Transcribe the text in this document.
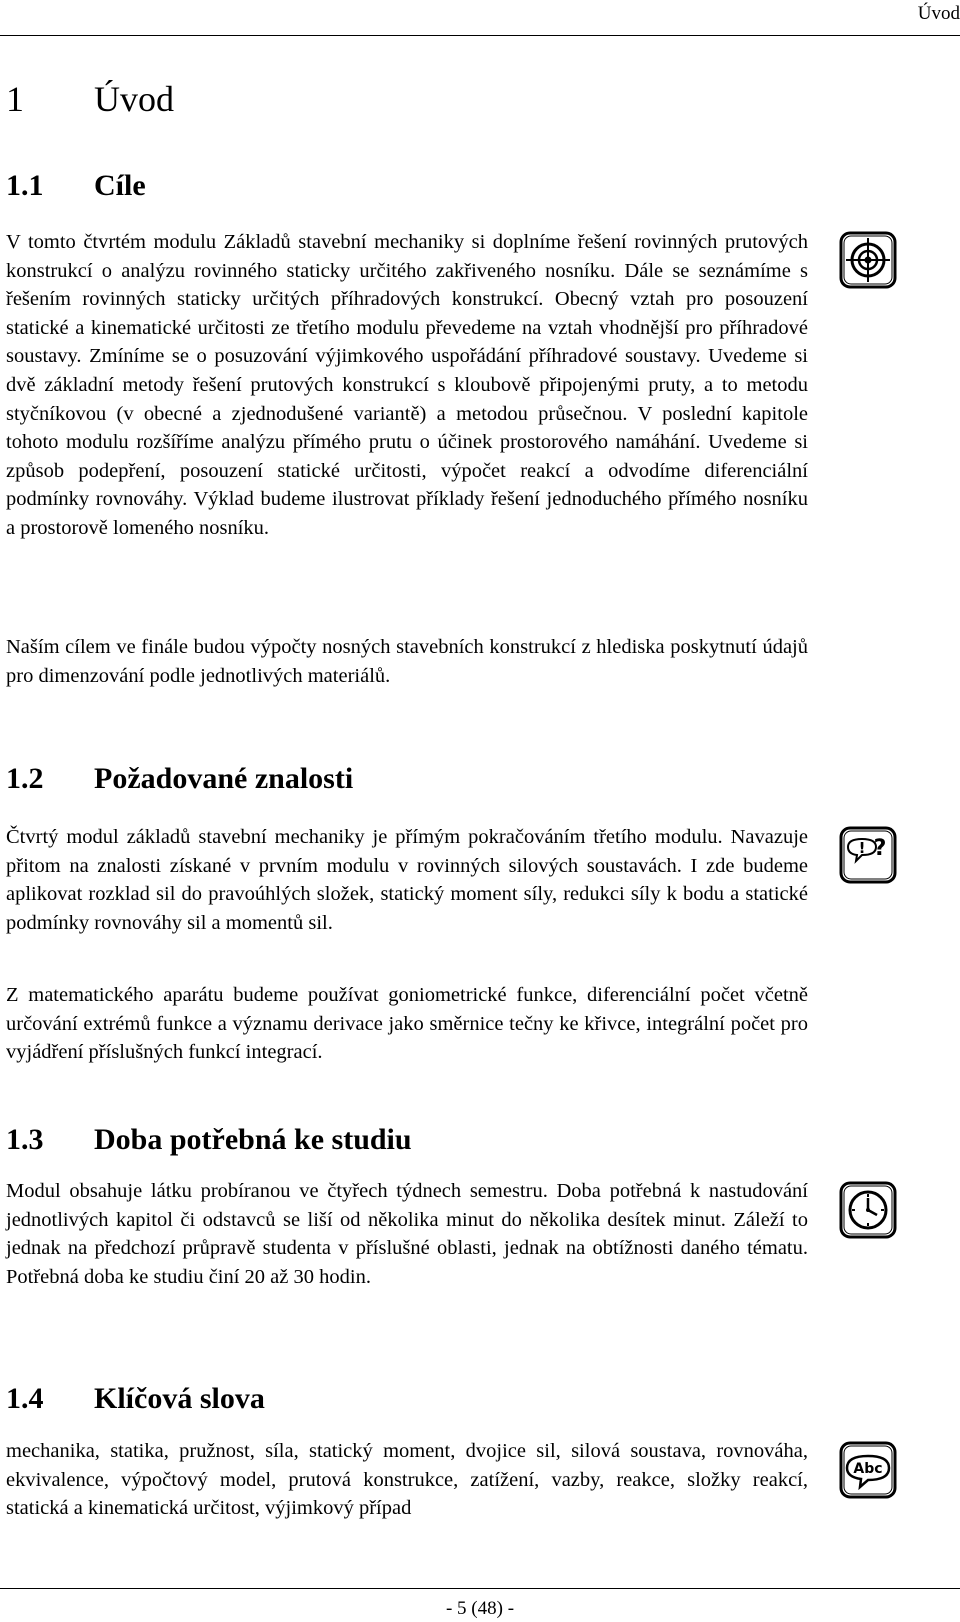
Úvod
1 Úvod
1.1 Cíle

V tomto čtvrtém modulu Základů stavební mechaniky si doplníme řešení rovinných prutových konstrukcí o analýzu rovinného staticky určitého zakřiveného nosníku. Dále se seznámíme s řešením rovinných staticky určitých příhradových konstrukcí. Obecný vztah pro posouzení statické a kinematické určitosti ze třetího modulu převedeme na vztah vhodnější pro příhradové soustavy. Zmíníme se o posuzování výjimkového uspořádání příhradové soustavy. Uvedeme si dvě základní metody řešení prutových konstrukcí s kloubově připojenými pruty, a to metodu styčníkovou (v obecné a zjednodušené variantě) a metodou průsečnou. V poslední kapitole tohoto modulu rozšíříme analýzu přímého prutu o účinek prostorového namáhání. Uvedeme si způsob podepření, posouzení statické určitosti, výpočet reakcí a odvodíme diferenciální podmínky rovnováhy. Výklad budeme ilustrovat příklady řešení jednoduchého přímého nosníku a prostorově lomeného nosníku.

Naším cílem ve finále budou výpočty nosných stavebních konstrukcí z hlediska poskytnutí údajů pro dimenzování podle jednotlivých materiálů.

1.2 Požadované znalosti
! ?

Čtvrtý modul základů stavební mechaniky je přímým pokračováním třetího modulu. Navazuje přitom na znalosti získané v prvním modulu v rovinných silových soustavách. I zde budeme aplikovat rozklad sil do pravoúhlých složek, statický moment síly, redukci síly k bodu a statické podmínky rovnováhy sil a momentů sil.

Z matematického aparátu budeme používat goniometrické funkce, diferenciální počet včetně určování extrémů funkce a významu derivace jako směrnice tečny ke křivce, integrální počet pro vyjádření příslušných funkcí integrací.

1.3 Doba potřebná ke studiu

Modul obsahuje látku probíranou ve čtyřech týdnech semestru. Doba potřebná k nastudování jednotlivých kapitol či odstavců se liší od několika minut do několika desítek minut. Záleží to jednak na předchozí průpravě studenta v příslušné oblasti, jednak na obtížnosti daného tématu. Potřebná doba ke studiu činí 20 až 30 hodin.

1.4 Klíčová slova
Abc

mechanika, statika, pružnost, síla, statický moment, dvojice sil, silová soustava, rovnováha, ekvivalence, výpočtový model, prutová konstrukce, zatížení, vazby, reakce, složky reakcí, statická a kinematická určitost, výjimkový případ

- 5 (48) -
